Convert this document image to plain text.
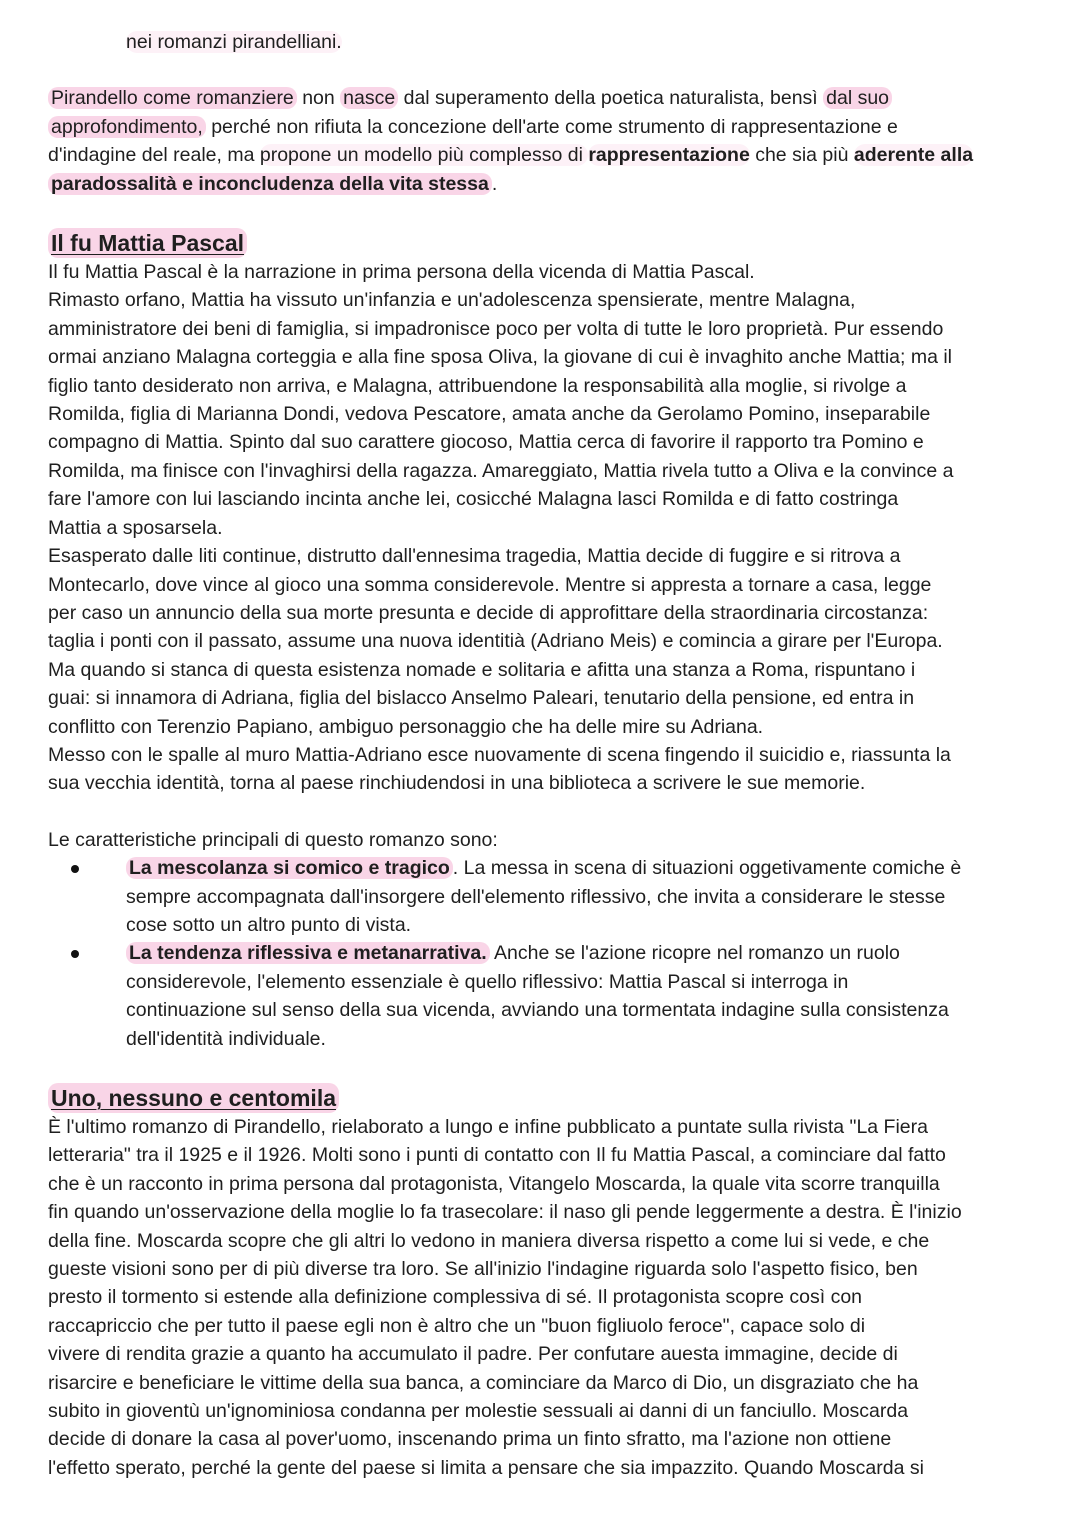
nei romanzi pirandelliani.
Pirandello come romanziere non nasce dal superamento della poetica naturalista, bensì dal suo
approfondimento, perché non rifiuta la concezione dell'arte come strumento di rappresentazione e
d'indagine del reale, ma propone un modello più complesso di rappresentazione che sia più aderente alla
paradossalità e inconcludenza della vita stessa .
Il fu Mattia Pascal
Il fu Mattia Pascal è la narrazione in prima persona della vicenda di Mattia Pascal.
Rimasto orfano, Mattia ha vissuto un'infanzia e un'adolescenza spensierate, mentre Malagna,
amministratore dei beni di famiglia, si impadronisce poco per volta di tutte le loro proprietà. Pur essendo
ormai anziano Malagna corteggia e alla fine sposa Oliva, la giovane di cui è invaghito anche Mattia; ma il
figlio tanto desiderato non arriva, e Malagna, attribuendone la responsabilità alla moglie, si rivolge a
Romilda, figlia di Marianna Dondi, vedova Pescatore, amata anche da Gerolamo Pomino, inseparabile
compagno di Mattia. Spinto dal suo carattere giocoso, Mattia cerca di favorire il rapporto tra Pomino e
Romilda, ma finisce con l'invaghirsi della ragazza. Amareggiato, Mattia rivela tutto a Oliva e la convince a
fare l'amore con lui lasciando incinta anche lei, cosicché Malagna lasci Romilda e di fatto costringa
Mattia a sposarsela.
Esasperato dalle liti continue, distrutto dall'ennesima tragedia, Mattia decide di fuggire e si ritrova a
Montecarlo, dove vince al gioco una somma considerevole. Mentre si appresta a tornare a casa, legge
per caso un annuncio della sua morte presunta e decide di approfittare della straordinaria circostanza:
taglia i ponti con il passato, assume una nuova identitià (Adriano Meis) e comincia a girare per l'Europa.
Ma quando si stanca di questa esistenza nomade e solitaria e afitta una stanza a Roma, rispuntano i
guai: si innamora di Adriana, figlia del bislacco Anselmo Paleari, tenutario della pensione, ed entra in
conflitto con Terenzio Papiano, ambiguo personaggio che ha delle mire su Adriana.
Messo con le spalle al muro Mattia-Adriano esce nuovamente di scena fingendo il suicidio e, riassunta la
sua vecchia identità, torna al paese rinchiudendosi in una biblioteca a scrivere le sue memorie.
Le caratteristiche principali di questo romanzo sono:
La mescolanza si comico e tragico . La messa in scena di situazioni oggetivamente comiche è
sempre accompagnata dall'insorgere dell'elemento riflessivo, che invita a considerare le stesse
cose sotto un altro punto di vista.
La tendenza riflessiva e metanarrativa. Anche se l'azione ricopre nel romanzo un ruolo
considerevole, l'elemento essenziale è quello riflessivo: Mattia Pascal si interroga in
continuazione sul senso della sua vicenda, avviando una tormentata indagine sulla consistenza
dell'identità individuale.
Uno, nessuno e centomila
È l'ultimo romanzo di Pirandello, rielaborato a lungo e infine pubblicato a puntate sulla rivista "La Fiera
letteraria" tra il 1925 e il 1926. Molti sono i punti di contatto con Il fu Mattia Pascal, a cominciare dal fatto
che è un racconto in prima persona dal protagonista, Vitangelo Moscarda, la quale vita scorre tranquilla
fin quando un'osservazione della moglie lo fa trasecolare: il naso gli pende leggermente a destra. È l'inizio
della fine. Moscarda scopre che gli altri lo vedono in maniera diversa rispetto a come lui si vede, e che
gueste visioni sono per di più diverse tra loro. Se all'inizio l'indagine riguarda solo l'aspetto fisico, ben
presto il tormento si estende alla definizione complessiva di sé. Il protagonista scopre così con
raccapriccio che per tutto il paese egli non è altro che un "buon figliuolo feroce", capace solo di
vivere di rendita grazie a quanto ha accumulato il padre. Per confutare auesta immagine, decide di
risarcire e beneficiare le vittime della sua banca, a cominciare da Marco di Dio, un disgraziato che ha
subito in gioventù un'ignominiosa condanna per molestie sessuali ai danni di un fanciullo. Moscarda
decide di donare la casa al pover'uomo, inscenando prima un finto sfratto, ma l'azione non ottiene
l'effetto sperato, perché la gente del paese si limita a pensare che sia impazzito. Quando Moscarda si
